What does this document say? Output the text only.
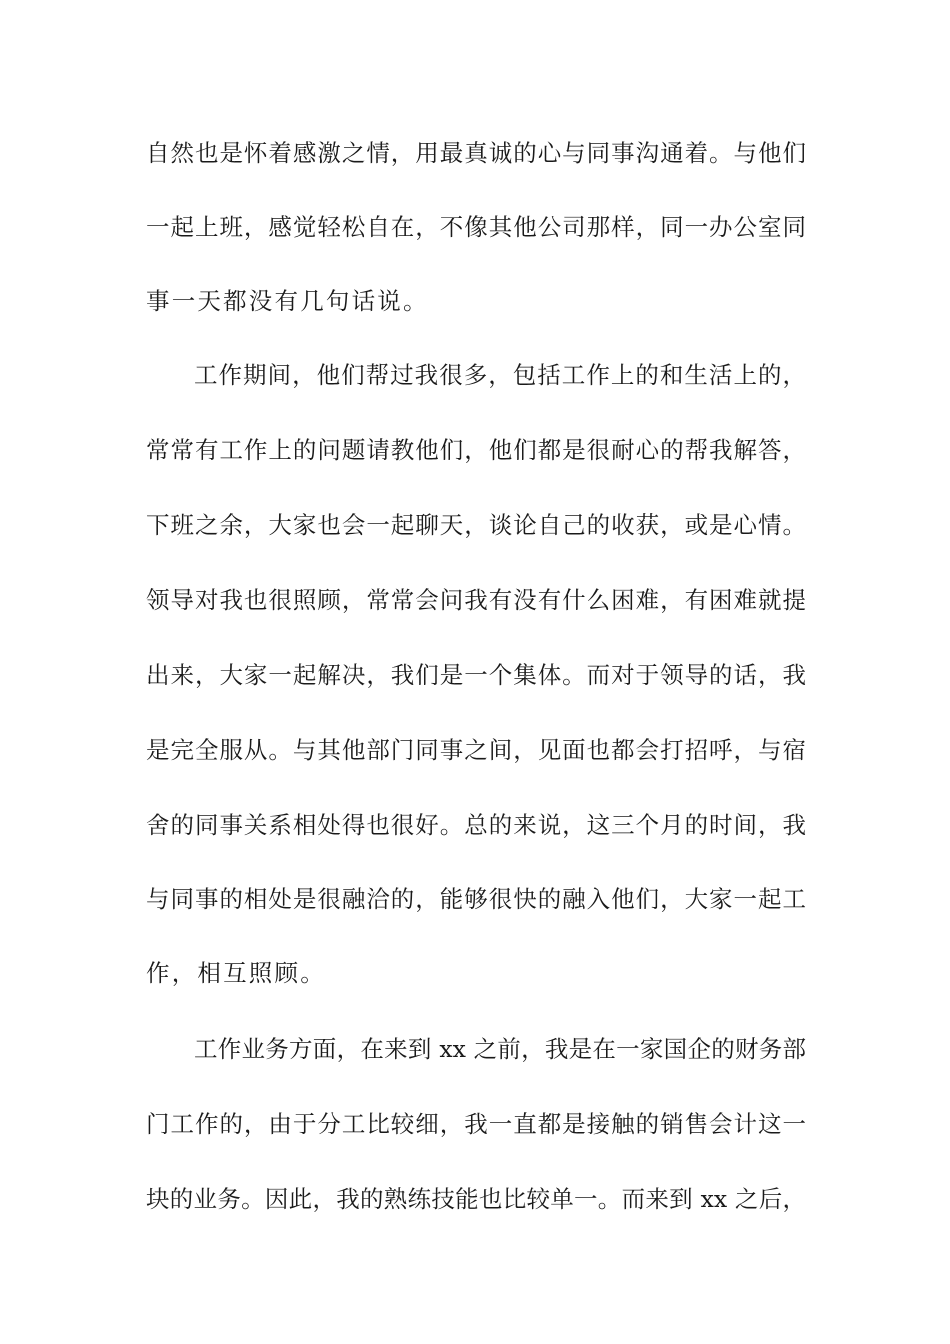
自然也是怀着感激之情，用最真诚的心与同事沟通着。与他们
一起上班，感觉轻松自在，不像其他公司那样，同一办公室同
事一天都没有几句话说。
工作期间，他们帮过我很多，包括工作上的和生活上的，
常常有工作上的问题请教他们，他们都是很耐心的帮我解答，
下班之余，大家也会一起聊天，谈论自己的收获，或是心情。
领导对我也很照顾，常常会问我有没有什么困难，有困难就提
出来，大家一起解决，我们是一个集体。而对于领导的话，我
是完全服从。与其他部门同事之间，见面也都会打招呼，与宿
舍的同事关系相处得也很好。总的来说，这三个月的时间，我
与同事的相处是很融洽的，能够很快的融入他们，大家一起工
作，相互照顾。
工作业务方面，在来到 xx 之前，我是在一家国企的财务部
门工作的，由于分工比较细，我一直都是接触的销售会计这一
块的业务。因此，我的熟练技能也比较单一。而来到 xx 之后，
